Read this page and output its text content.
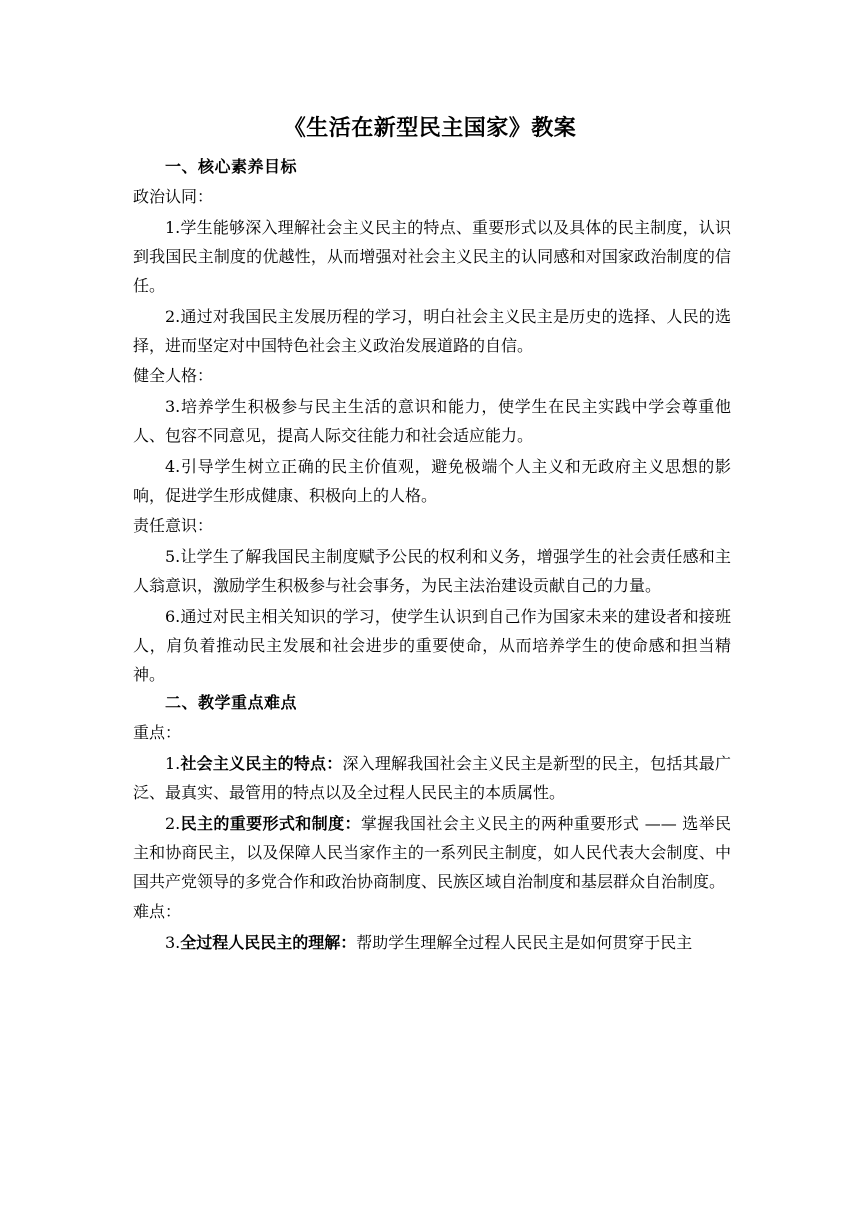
《生活在新型民主国家》教案
一、核心素养目标
政治认同：

1.学生能够深入理解社会主义民主的特点、重要形式以及具体的民主制度，认识到我国民主制度的优越性，从而增强对社会主义民主的认同感和对国家政治制度的信任。

2.通过对我国民主发展历程的学习，明白社会主义民主是历史的选择、人民的选择，进而坚定对中国特色社会主义政治发展道路的自信。

健全人格：

3.培养学生积极参与民主生活的意识和能力，使学生在民主实践中学会尊重他人、包容不同意见，提高人际交往能力和社会适应能力。

4.引导学生树立正确的民主价值观，避免极端个人主义和无政府主义思想的影响，促进学生形成健康、积极向上的人格。

责任意识：

5.让学生了解我国民主制度赋予公民的权利和义务，增强学生的社会责任感和主人翁意识，激励学生积极参与社会事务，为民主法治建设贡献自己的力量。

6.通过对民主相关知识的学习，使学生认识到自己作为国家未来的建设者和接班人，肩负着推动民主发展和社会进步的重要使命，从而培养学生的使命感和担当精神。

二、教学重点难点
重点：

1.社会主义民主的特点：深入理解我国社会主义民主是新型的民主，包括其最广泛、最真实、最管用的特点以及全过程人民民主的本质属性。

2.民主的重要形式和制度：掌握我国社会主义民主的两种重要形式 —— 选举民主和协商民主，以及保障人民当家作主的一系列民主制度，如人民代表大会制度、中国共产党领导的多党合作和政治协商制度、民族区域自治制度和基层群众自治制度。

难点：

3.全过程人民民主的理解：帮助学生理解全过程人民民主是如何贯穿于民主
